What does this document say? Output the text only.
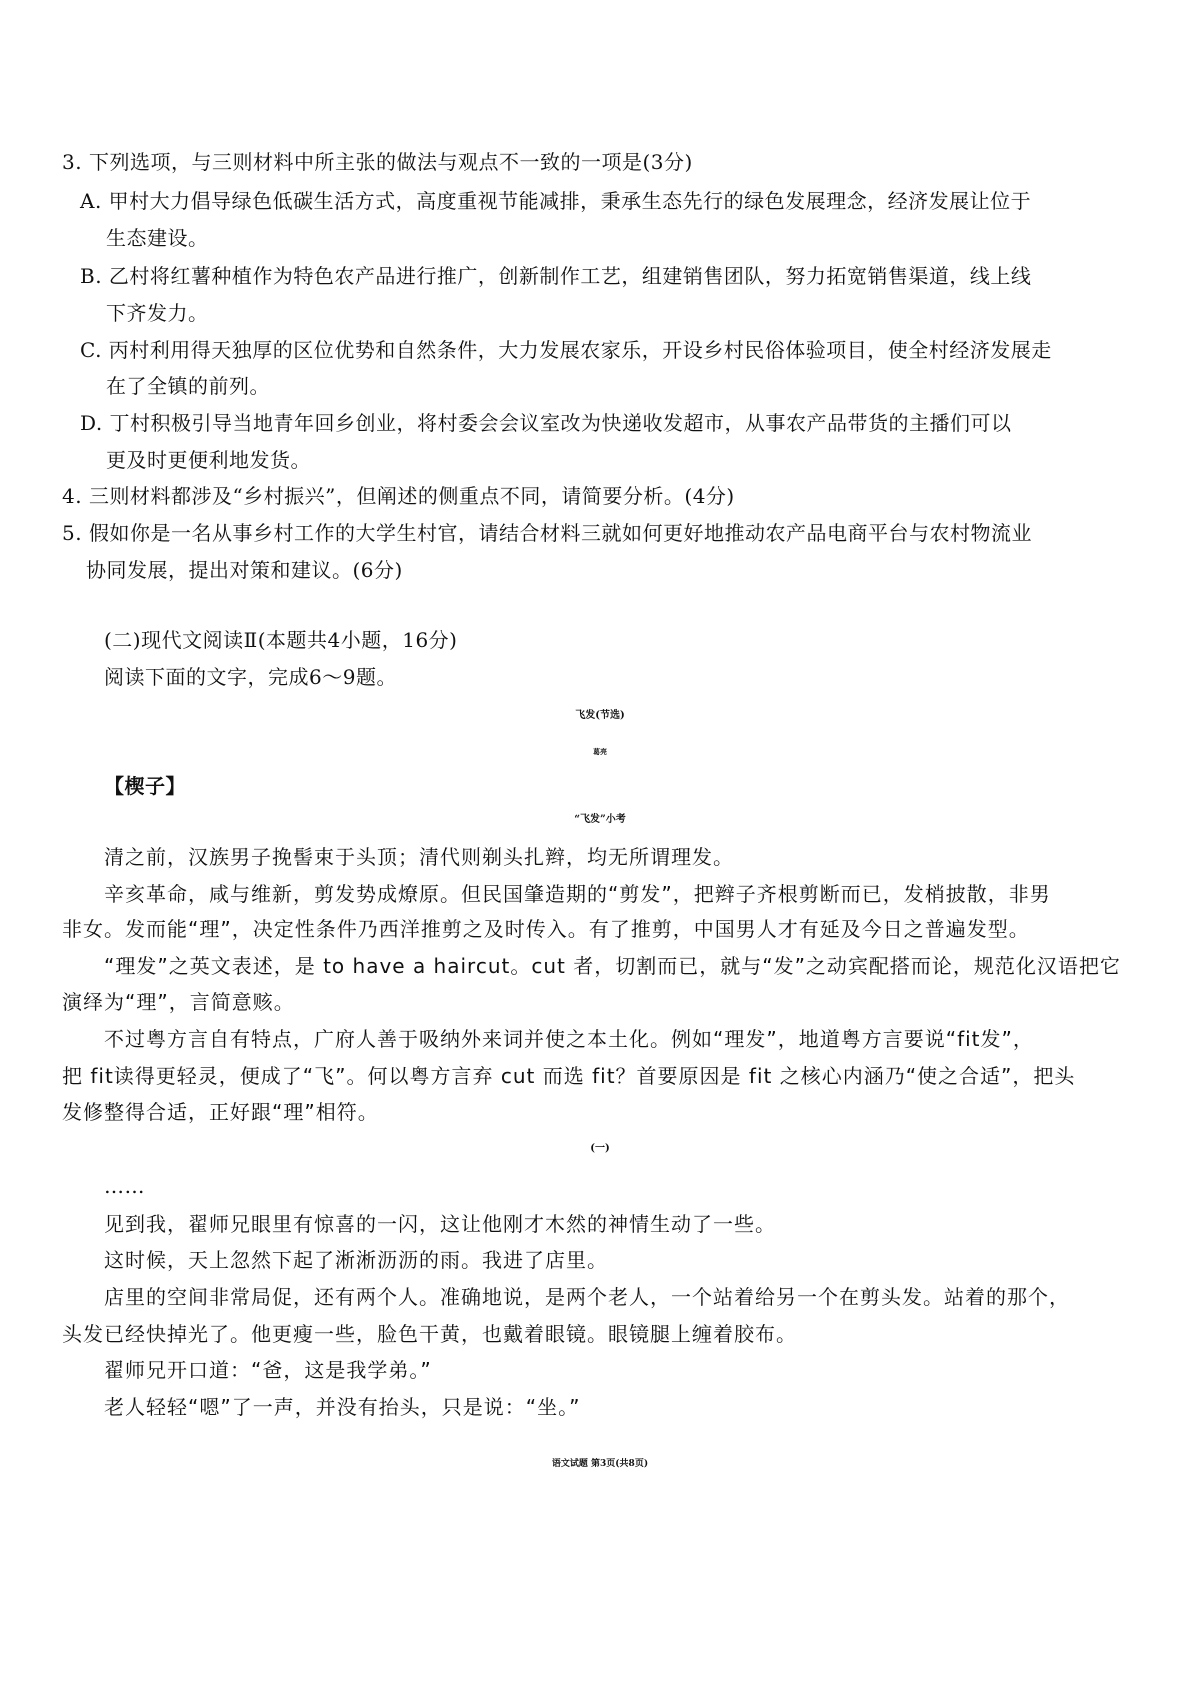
3. 下列选项，与三则材料中所主张的做法与观点不一致的一项是(3分)
A. 甲村大力倡导绿色低碳生活方式，高度重视节能减排，秉承生态先行的绿色发展理念，经济发展让位于
生态建设。
B. 乙村将红薯种植作为特色农产品进行推广，创新制作工艺，组建销售团队，努力拓宽销售渠道，线上线
下齐发力。
C. 丙村利用得天独厚的区位优势和自然条件，大力发展农家乐，开设乡村民俗体验项目，使全村经济发展走
在了全镇的前列。
D. 丁村积极引导当地青年回乡创业，将村委会会议室改为快递收发超市，从事农产品带货的主播们可以
更及时更便利地发货。
4. 三则材料都涉及“乡村振兴”，但阐述的侧重点不同，请简要分析。(4分)
5. 假如你是一名从事乡村工作的大学生村官，请结合材料三就如何更好地推动农产品电商平台与农村物流业
协同发展，提出对策和建议。(6分)
(二)现代文阅读Ⅱ(本题共4小题，16分)
阅读下面的文字，完成6～9题。
飞发(节选)
葛亮
【楔子】
“飞发”小考
清之前，汉族男子挽髻束于头顶；清代则剃头扎辫，均无所谓理发。
辛亥革命，咸与维新，剪发势成燎原。但民国肇造期的“剪发”，把辫子齐根剪断而已，发梢披散，非男
非女。发而能“理”，决定性条件乃西洋推剪之及时传入。有了推剪，中国男人才有延及今日之普遍发型。
“理发”之英文表述，是 to have a haircut。cut 者，切割而已，就与“发”之动宾配搭而论，规范化汉语把它
演绎为“理”，言简意赅。
不过粤方言自有特点，广府人善于吸纳外来词并使之本土化。例如“理发”，地道粤方言要说“fit发”，
把 fit读得更轻灵，便成了“飞”。何以粤方言弃 cut 而选 fit？首要原因是 fit 之核心内涵乃“使之合适”，把头
发修整得合适，正好跟“理”相符。
(一)
……
见到我，翟师兄眼里有惊喜的一闪，这让他刚才木然的神情生动了一些。
这时候，天上忽然下起了淅淅沥沥的雨。我进了店里。
店里的空间非常局促，还有两个人。准确地说，是两个老人，一个站着给另一个在剪头发。站着的那个，
头发已经快掉光了。他更瘦一些，脸色干黄，也戴着眼镜。眼镜腿上缠着胶布。
翟师兄开口道：“爸，这是我学弟。”
老人轻轻“嗯”了一声，并没有抬头，只是说：“坐。”
语文试题 第3页(共8页)
